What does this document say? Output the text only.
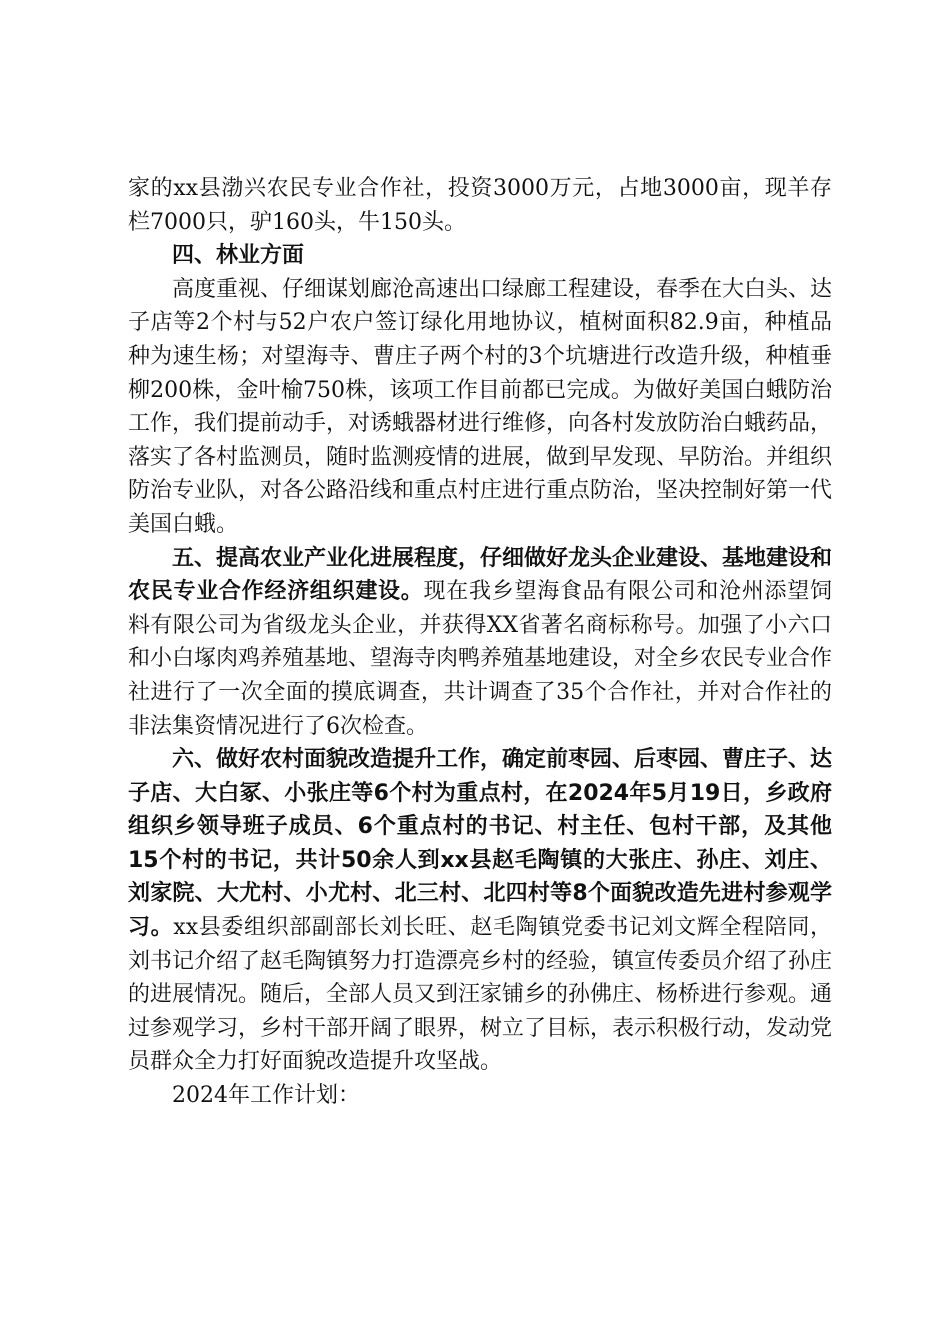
家的xx县渤兴农民专业合作社，投资3000万元，占地3000亩，现羊存栏7000只，驴160头，牛150头。

四、林业方面

高度重视、仔细谋划廊沧高速出口绿廊工程建设，春季在大白头、达子店等2个村与52户农户签订绿化用地协议，植树面积82.9亩，种植品种为速生杨；对望海寺、曹庄子两个村的3个坑塘进行改造升级，种植垂柳200株，金叶榆750株，该项工作目前都已完成。为做好美国白蛾防治工作，我们提前动手，对诱蛾器材进行维修，向各村发放防治白蛾药品，落实了各村监测员，随时监测疫情的进展，做到早发现、早防治。并组织防治专业队，对各公路沿线和重点村庄进行重点防治，坚决控制好第一代美国白蛾。

五、提高农业产业化进展程度，仔细做好龙头企业建设、基地建设和农民专业合作经济组织建设。现在我乡望海食品有限公司和沧州添望饲料有限公司为省级龙头企业，并获得XX省著名商标称号。加强了小六口和小白塚肉鸡养殖基地、望海寺肉鸭养殖基地建设，对全乡农民专业合作社进行了一次全面的摸底调查，共计调查了35个合作社，并对合作社的非法集资情况进行了6次检查。

六、做好农村面貌改造提升工作，确定前枣园、后枣园、曹庄子、达子店、大白冢、小张庄等6个村为重点村，在2024年5月19日，乡政府组织乡领导班子成员、6个重点村的书记、村主任、包村干部，及其他15个村的书记，共计50余人到xx县赵毛陶镇的大张庄、孙庄、刘庄、刘家院、大尤村、小尤村、北三村、北四村等8个面貌改造先进村参观学习。xx县委组织部副部长刘长旺、赵毛陶镇党委书记刘文辉全程陪同，刘书记介绍了赵毛陶镇努力打造漂亮乡村的经验，镇宣传委员介绍了孙庄的进展情况。随后，全部人员又到汪家铺乡的孙佛庄、杨桥进行参观。通过参观学习，乡村干部开阔了眼界，树立了目标，表示积极行动，发动党员群众全力打好面貌改造提升攻坚战。

2024年工作计划：
